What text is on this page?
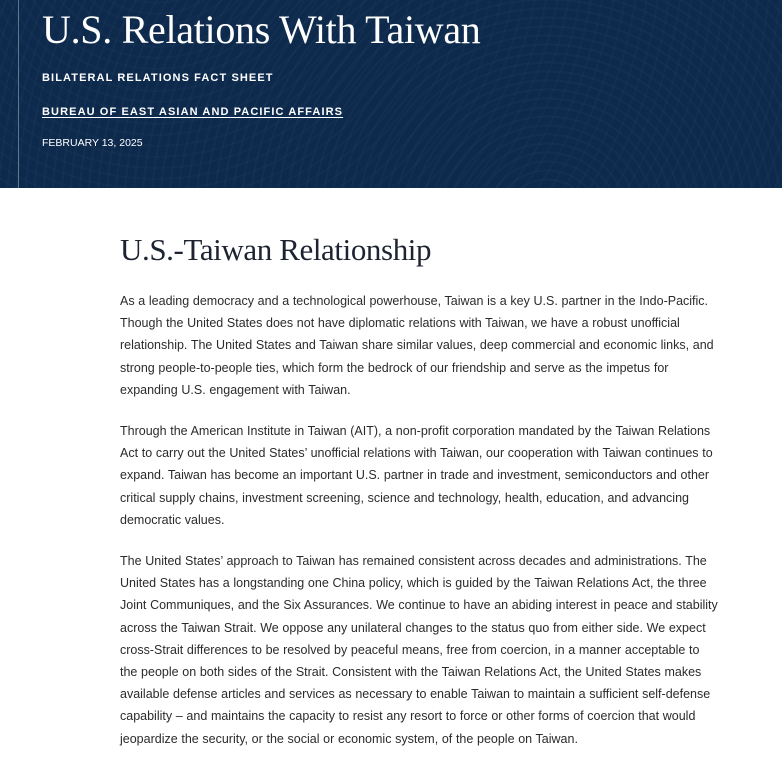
U.S. Relations With Taiwan
BILATERAL RELATIONS FACT SHEET
BUREAU OF EAST ASIAN AND PACIFIC AFFAIRS
FEBRUARY 13, 2025
U.S.-Taiwan Relationship

As a leading democracy and a technological powerhouse, Taiwan is a key U.S. partner in the Indo-Pacific. Though the United States does not have diplomatic relations with Taiwan, we have a robust unofficial relationship. The United States and Taiwan share similar values, deep commercial and economic links, and strong people-to-people ties, which form the bedrock of our friendship and serve as the impetus for expanding U.S. engagement with Taiwan.

Through the American Institute in Taiwan (AIT), a non-profit corporation mandated by the Taiwan Relations Act to carry out the United States’ unofficial relations with Taiwan, our cooperation with Taiwan continues to expand. Taiwan has become an important U.S. partner in trade and investment, semiconductors and other critical supply chains, investment screening, science and technology, health, education, and advancing democratic values.

The United States’ approach to Taiwan has remained consistent across decades and administrations. The United States has a longstanding one China policy, which is guided by the Taiwan Relations Act, the three Joint Communiques, and the Six Assurances. We continue to have an abiding interest in peace and stability across the Taiwan Strait. We oppose any unilateral changes to the status quo from either side. We expect cross-Strait differences to be resolved by peaceful means, free from coercion, in a manner acceptable to the people on both sides of the Strait. Consistent with the Taiwan Relations Act, the United States makes available defense articles and services as necessary to enable Taiwan to maintain a sufficient self-defense capability – and maintains the capacity to resist any resort to force or other forms of coercion that would jeopardize the security, or the social or economic system, of the people on Taiwan.
